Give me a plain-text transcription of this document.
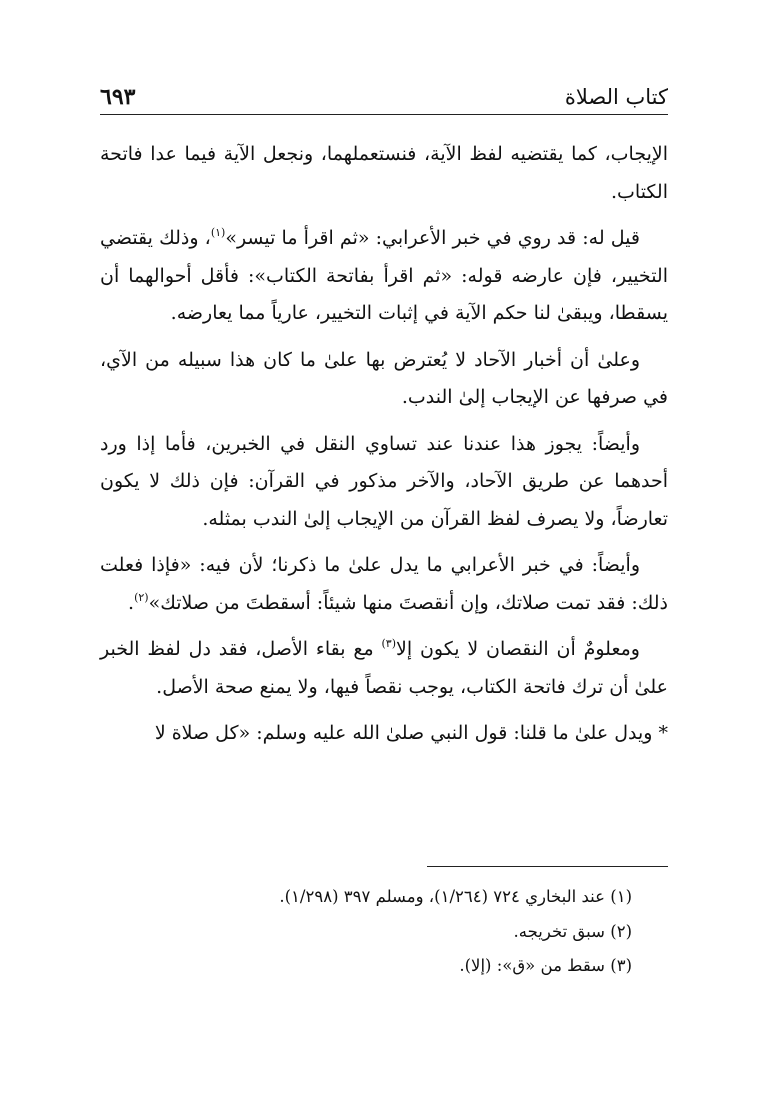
كتاب الصلاة
٦٩٣

الإيجاب، كما يقتضيه لفظ الآية، فنستعملهما، ونجعل الآية فيما عدا فاتحة الكتاب.

قيل له: قد روي في خبر الأعرابي: «ثم اقرأ ما تيسر»$^{(١)}$، وذلك يقتضي التخيير، فإن عارضه قوله: «ثم اقرأ بفاتحة الكتاب»: فأقل أحوالهما أن يسقطا، ويبقىٰ لنا حكم الآية في إثبات التخيير، عارياً مما يعارضه.

وعلىٰ أن أخبار الآحاد لا يُعترض بها علىٰ ما كان هذا سبيله من الآي، في صرفها عن الإيجاب إلىٰ الندب.

وأيضاً: يجوز هذا عندنا عند تساوي النقل في الخبرين، فأما إذا ورد أحدهما عن طريق الآحاد، والآخر مذكور في القرآن: فإن ذلك لا يكون تعارضاً، ولا يصرف لفظ القرآن من الإيجاب إلىٰ الندب بمثله.

وأيضاً: في خبر الأعرابي ما يدل علىٰ ما ذكرنا؛ لأن فيه: «فإذا فعلت ذلك: فقد تمت صلاتك، وإن أنقصتَ منها شيئاً: أسقطتَ من صلاتك»$^{(٢)}$.

ومعلومٌ أن النقصان لا يكون إلا$^{(٣)}$ مع بقاء الأصل، فقد دل لفظ الخبر علىٰ أن ترك فاتحة الكتاب، يوجب نقصاً فيها، ولا يمنع صحة الأصل.

* ويدل علىٰ ما قلنا: قول النبي صلىٰ الله عليه وسلم: «كل صلاة لا

(١) عند البخاري ٧٢٤ (١/٢٦٤)، ومسلم ٣٩٧ (١/٢٩٨).
(٢) سبق تخريجه.
(٣) سقط من «ق»: (إلا).
